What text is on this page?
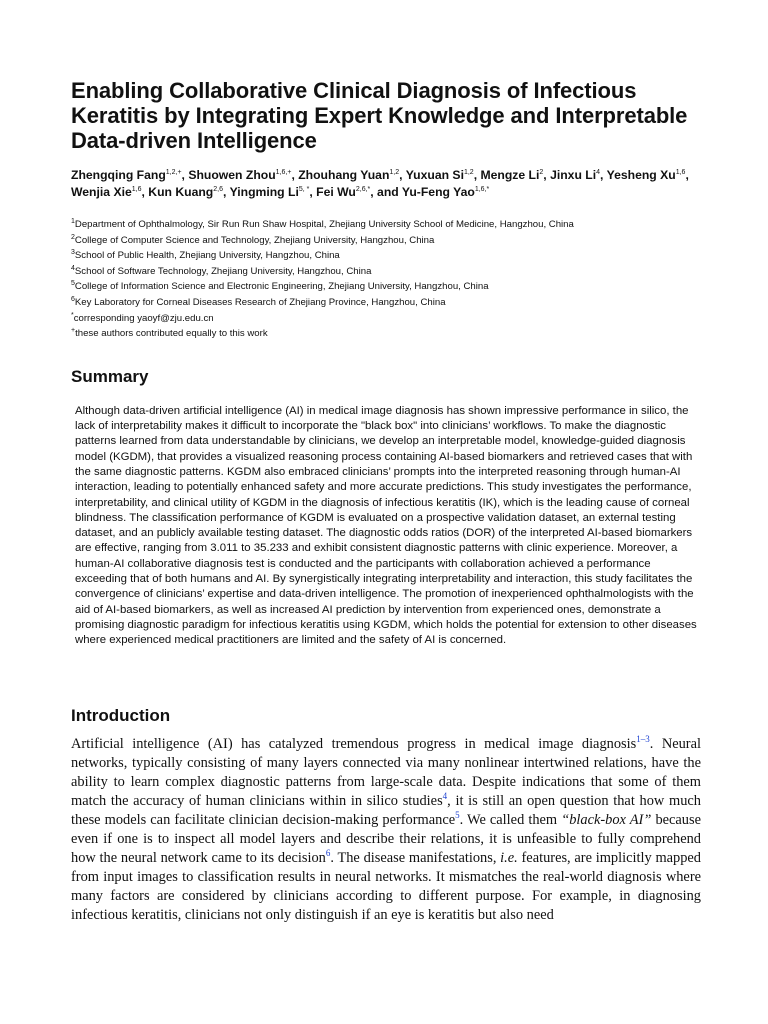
Enabling Collaborative Clinical Diagnosis of Infectious Keratitis by Integrating Expert Knowledge and Interpretable Data-driven Intelligence
Zhengqing Fang$^{1,2,+}$, Shuowen Zhou$^{1,6,+}$, Zhouhang Yuan$^{1,2}$, Yuxuan Si$^{1,2}$, Mengze Li$^2$, Jinxu Li$^4$, Yesheng Xu$^{1,6}$, Wenjia Xie$^{1,6}$, Kun Kuang$^{2,6}$, Yingming $Li^{5, *}$, Fei $Wu^{2,6,*}$, and Yu-Feng Yao$^{1,6,*}$
$^1$Department of Ophthalmology, Sir Run Run Shaw Hospital, Zhejiang University School of Medicine, Hangzhou, China
$^2$College of Computer Science and Technology, Zhejiang University, Hangzhou, China
$^3$School of Public Health, Zhejiang University, Hangzhou, China
$^4$School of Software Technology, Zhejiang University, Hangzhou, China
$^5$College of Information Science and Electronic Engineering, Zhejiang University, Hangzhou, China
$^6$Key Laboratory for Corneal Diseases Research of Zhejiang Province, Hangzhou, China
*corresponding yaoyf@zju.edu.cn
+these authors contributed equally to this work
Summary

Although data-driven artificial intelligence (AI) in medical image diagnosis has shown impressive performance in silico, the lack of interpretability makes it difficult to incorporate the "black box" into clinicians’ workflows. To make the diagnostic patterns learned from data understandable by clinicians, we develop an interpretable model, knowledge-guided diagnosis model (KGDM), that provides a visualized reasoning process containing AI-based biomarkers and retrieved cases that with the same diagnostic patterns. KGDM also embraced clinicians’ prompts into the interpreted reasoning through human-AI interaction, leading to potentially enhanced safety and more accurate predictions. This study investigates the performance, interpretability, and clinical utility of KGDM in the diagnosis of infectious keratitis (IK), which is the leading cause of corneal blindness. The classification performance of KGDM is evaluated on a prospective validation dataset, an external testing dataset, and an publicly available testing dataset. The diagnostic odds ratios (DOR) of the interpreted AI-based biomarkers are effective, ranging from 3.011 to 35.233 and exhibit consistent diagnostic patterns with clinic experience. Moreover, a human-AI collaborative diagnosis test is conducted and the participants with collaboration achieved a performance exceeding that of both humans and AI. By synergistically integrating interpretability and interaction, this study facilitates the convergence of clinicians’ expertise and data-driven intelligence. The promotion of inexperienced ophthalmologists with the aid of AI-based biomarkers, as well as increased AI prediction by intervention from experienced ones, demonstrate a promising diagnostic paradigm for infectious keratitis using KGDM, which holds the potential for extension to other diseases where experienced medical practitioners are limited and the safety of AI is concerned.

Introduction

Artificial intelligence (AI) has catalyzed tremendous progress in medical image diagnosis$^{1-3}$. Neural networks, typically consisting of many layers connected via many nonlinear intertwined relations, have the ability to learn complex diagnostic patterns from large-scale data. Despite indications that some of them match the accuracy of human clinicians within in silico studies$^4$, it is still an open question that how much these models can facilitate clinician decision-making performance$^5$. We called them “black-box AI” because even if one is to inspect all model layers and describe their relations, it is unfeasible to fully comprehend how the neural network came to its decision$^6$. The disease manifestations, i.e. features, are implicitly mapped from input images to classification results in neural networks. It mismatches the real-world diagnosis where many factors are considered by clinicians according to different purpose. For example, in diagnosing infectious keratitis, clinicians not only distinguish if an eye is keratitis but also need
